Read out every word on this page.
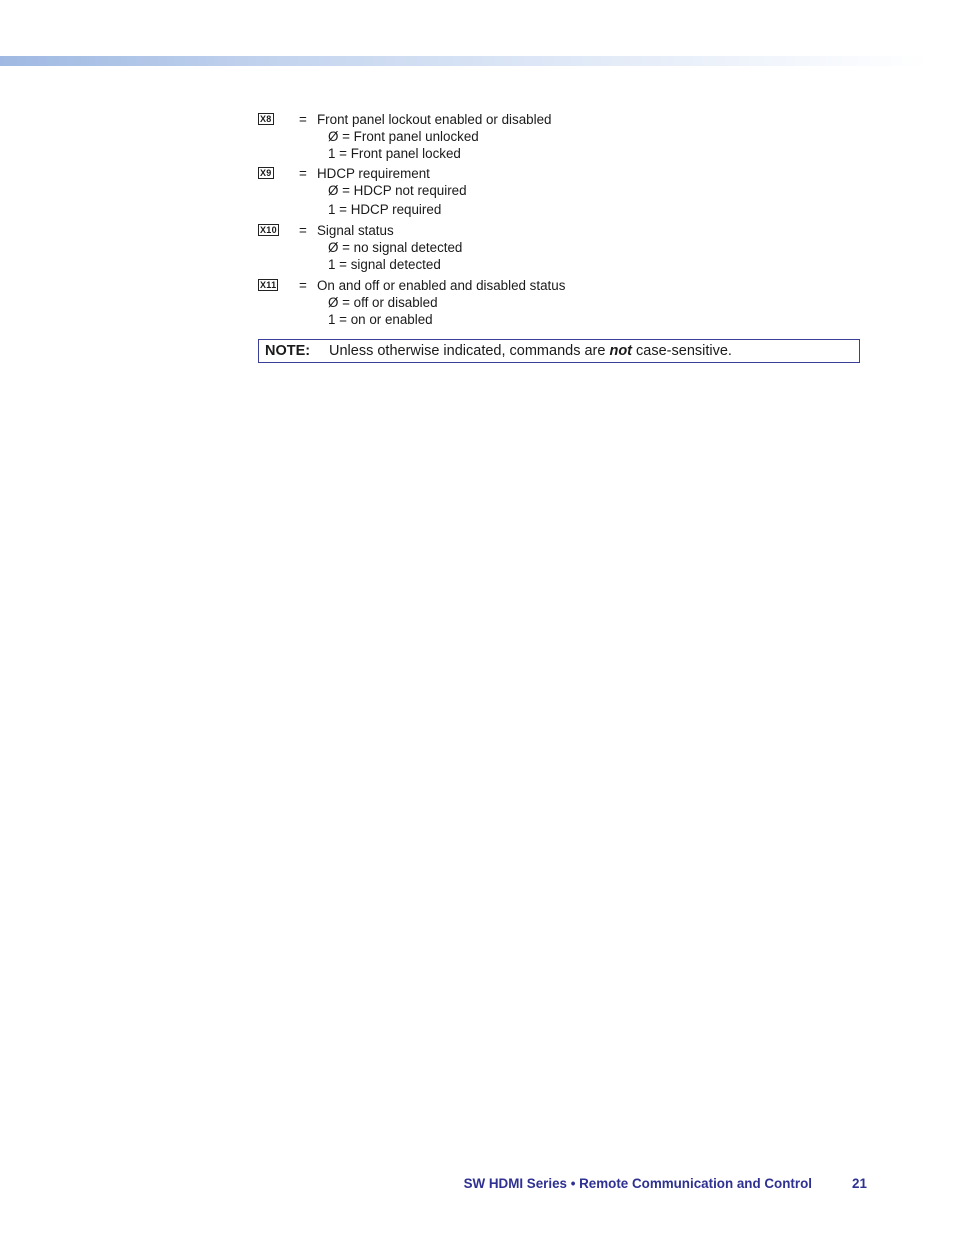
X8 = Front panel lockout enabled or disabled
Ø = Front panel unlocked
1 = Front panel locked
X9 = HDCP requirement
Ø = HDCP not required
1 = HDCP required
X10 = Signal status
Ø = no signal detected
1 = signal detected
X11 = On and off or enabled and disabled status
Ø = off or disabled
1 = on or enabled
NOTE: Unless otherwise indicated, commands are not case-sensitive.
SW HDMI Series • Remote Communication and Control	21
